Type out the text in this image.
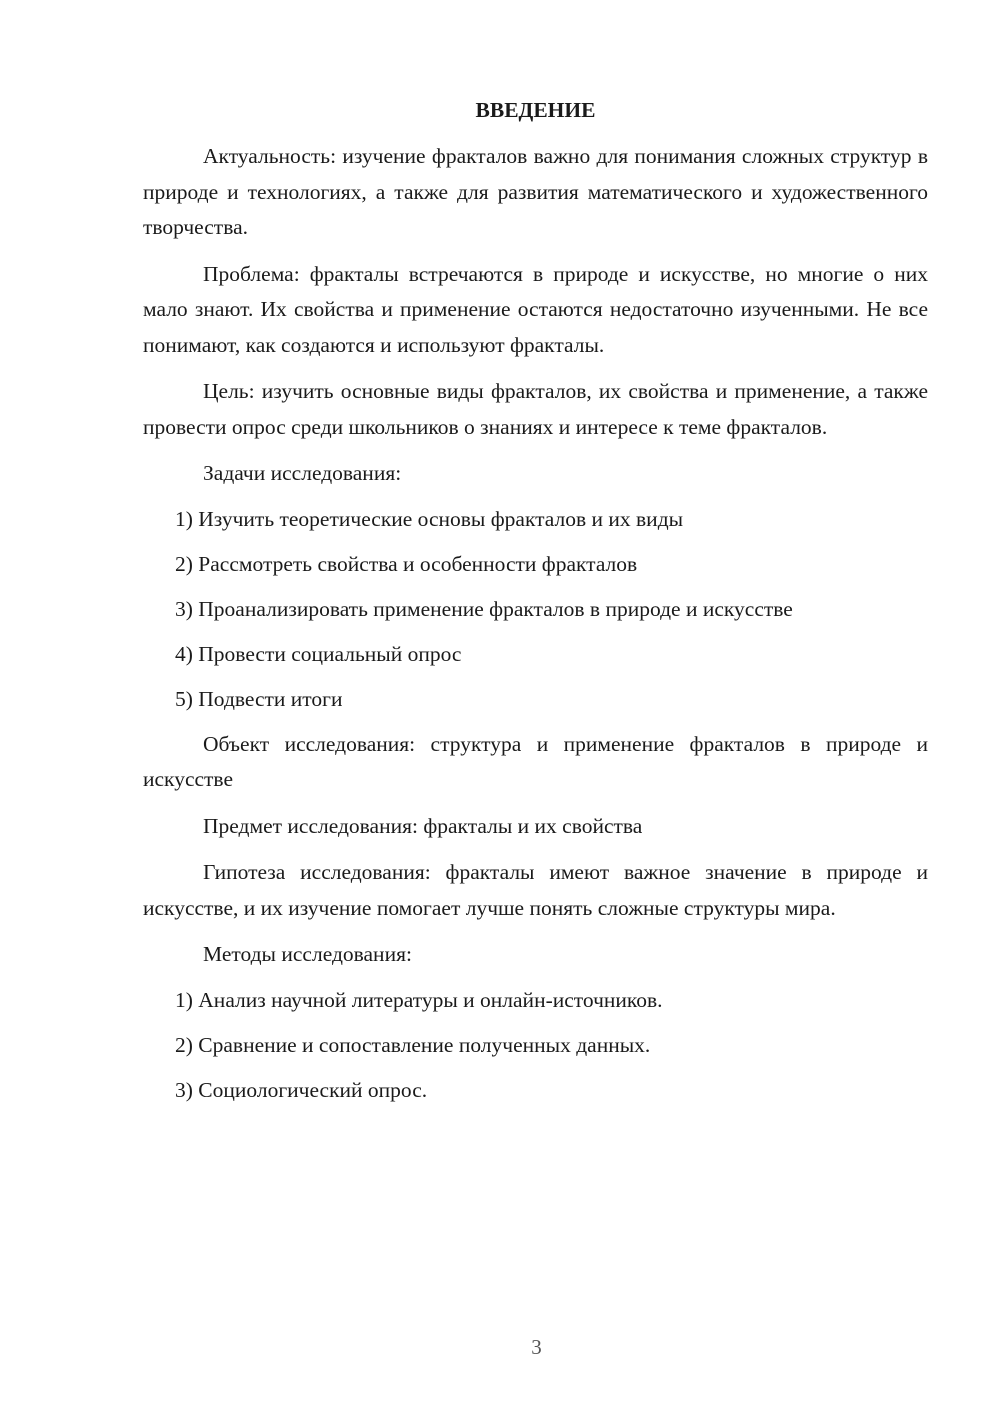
ВВЕДЕНИЕ

Актуальность: изучение фракталов важно для понимания сложных структур в природе и технологиях, а также для развития математического и художественного творчества.

Проблема: фракталы встречаются в природе и искусстве, но многие о них мало знают. Их свойства и применение остаются недостаточно изученными. Не все понимают, как создаются и используют фракталы.

Цель: изучить основные виды фракталов, их свойства и применение, а также провести опрос среди школьников о знаниях и интересе к теме фракталов.

Задачи исследования:

1) Изучить теоретические основы фракталов и их виды
2) Рассмотреть свойства и особенности фракталов
3) Проанализировать применение фракталов в природе и искусстве
4) Провести социальный опрос
5) Подвести итоги

Объект исследования: структура и применение фракталов в природе и искусстве

Предмет исследования: фракталы и их свойства

Гипотеза исследования: фракталы имеют важное значение в природе и искусстве, и их изучение помогает лучше понять сложные структуры мира.

Методы исследования:

1) Анализ научной литературы и онлайн-источников.
2) Сравнение и сопоставление полученных данных.
3) Социологический опрос.
3
